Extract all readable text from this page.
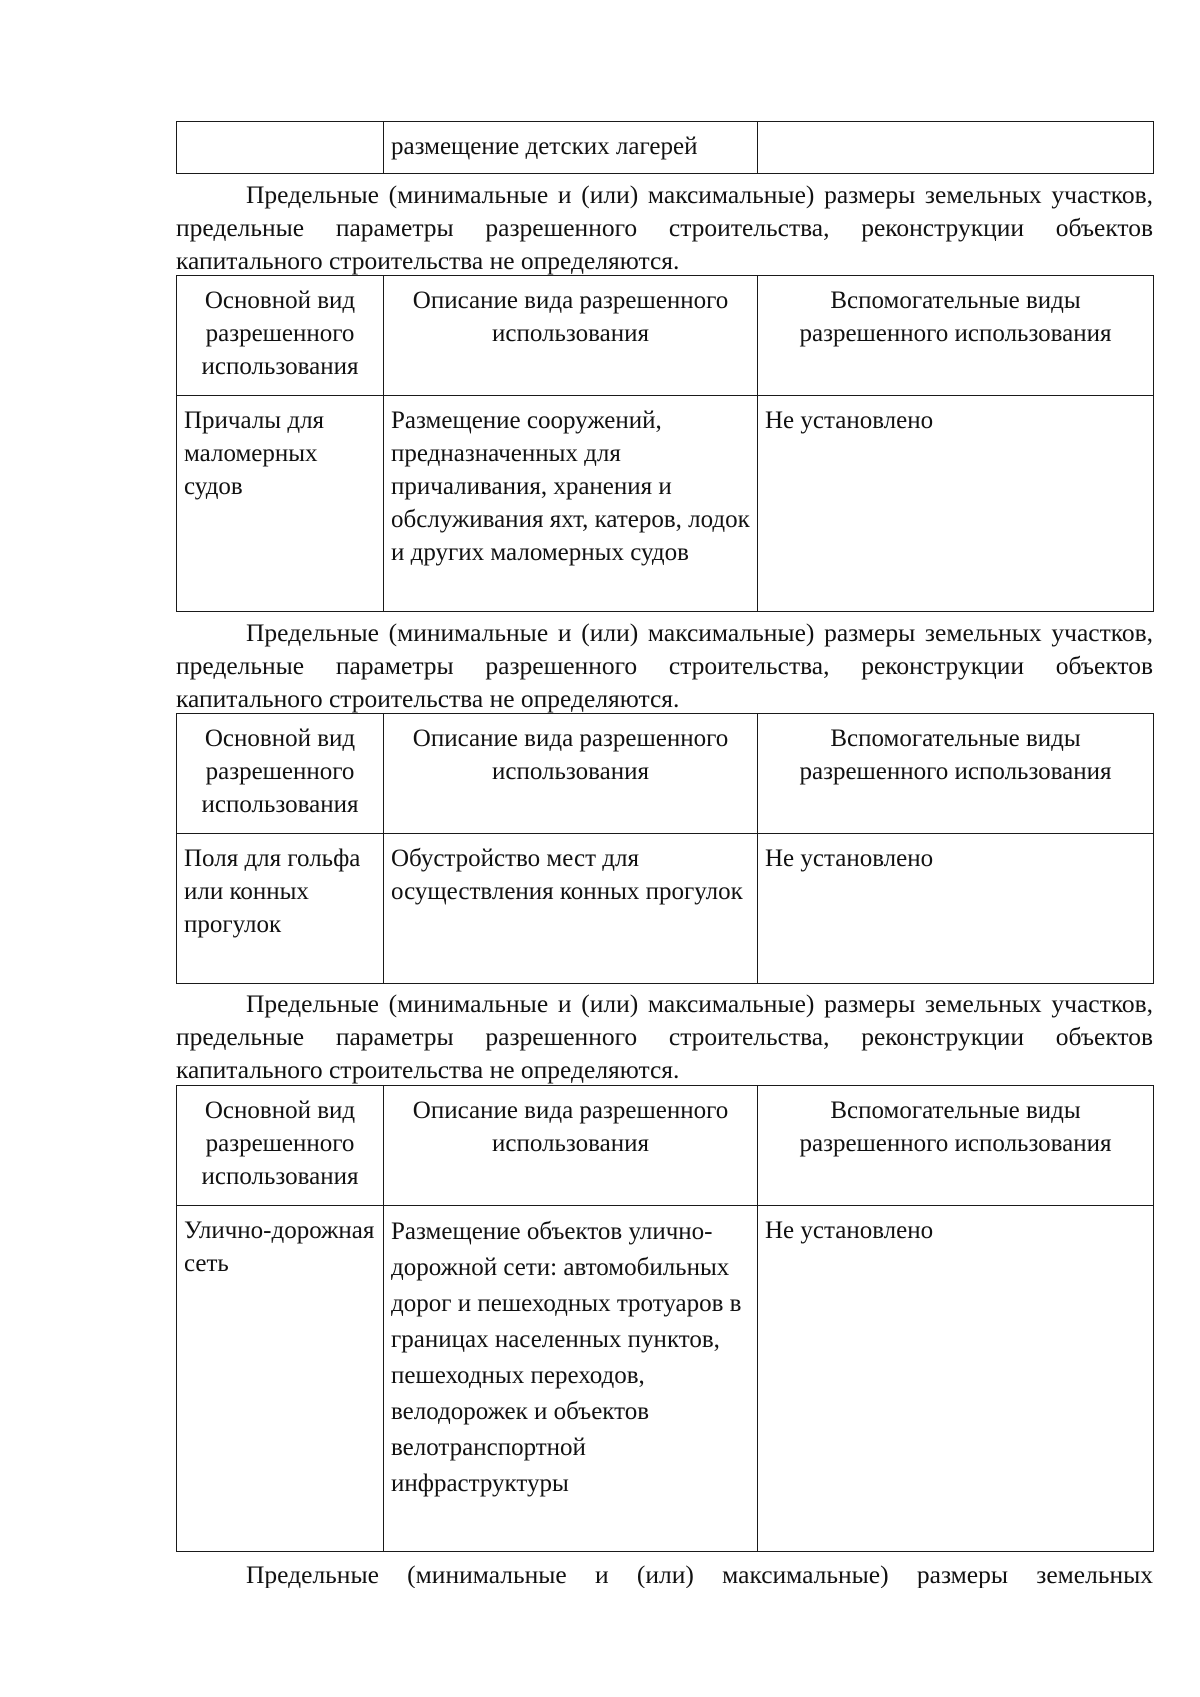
	размещение детских лагерей	
Предельные (минимальные и (или) максимальные) размеры земельных участков, предельные параметры разрешенного строительства, реконструкции объектов капитального строительства не определяются.
Основной вид разрешенного использования	Описание вида разрешенного использования	Вспомогательные виды разрешенного использования
Причалы для маломерных судов	Размещение сооружений, предназначенных для причаливания, хранения и обслуживания яхт, катеров, лодок и других маломерных судов	Не установлено
Предельные (минимальные и (или) максимальные) размеры земельных участков, предельные параметры разрешенного строительства, реконструкции объектов капитального строительства не определяются.
Основной вид разрешенного использования	Описание вида разрешенного использования	Вспомогательные виды разрешенного использования
Поля для гольфа или конных прогулок	Обустройство мест для осуществления конных прогулок	Не установлено
Предельные (минимальные и (или) максимальные) размеры земельных участков, предельные параметры разрешенного строительства, реконструкции объектов капитального строительства не определяются.
Основной вид разрешенного использования	Описание вида разрешенного использования	Вспомогательные виды разрешенного использования
Улично-дорожная сеть	Размещение объектов улично-дорожной сети: автомобильных дорог и пешеходных тротуаров в границах населенных пунктов, пешеходных переходов, велодорожек и объектов велотранспортной инфраструктуры	Не установлено
Предельные (минимальные и (или) максимальные) размеры земельных
